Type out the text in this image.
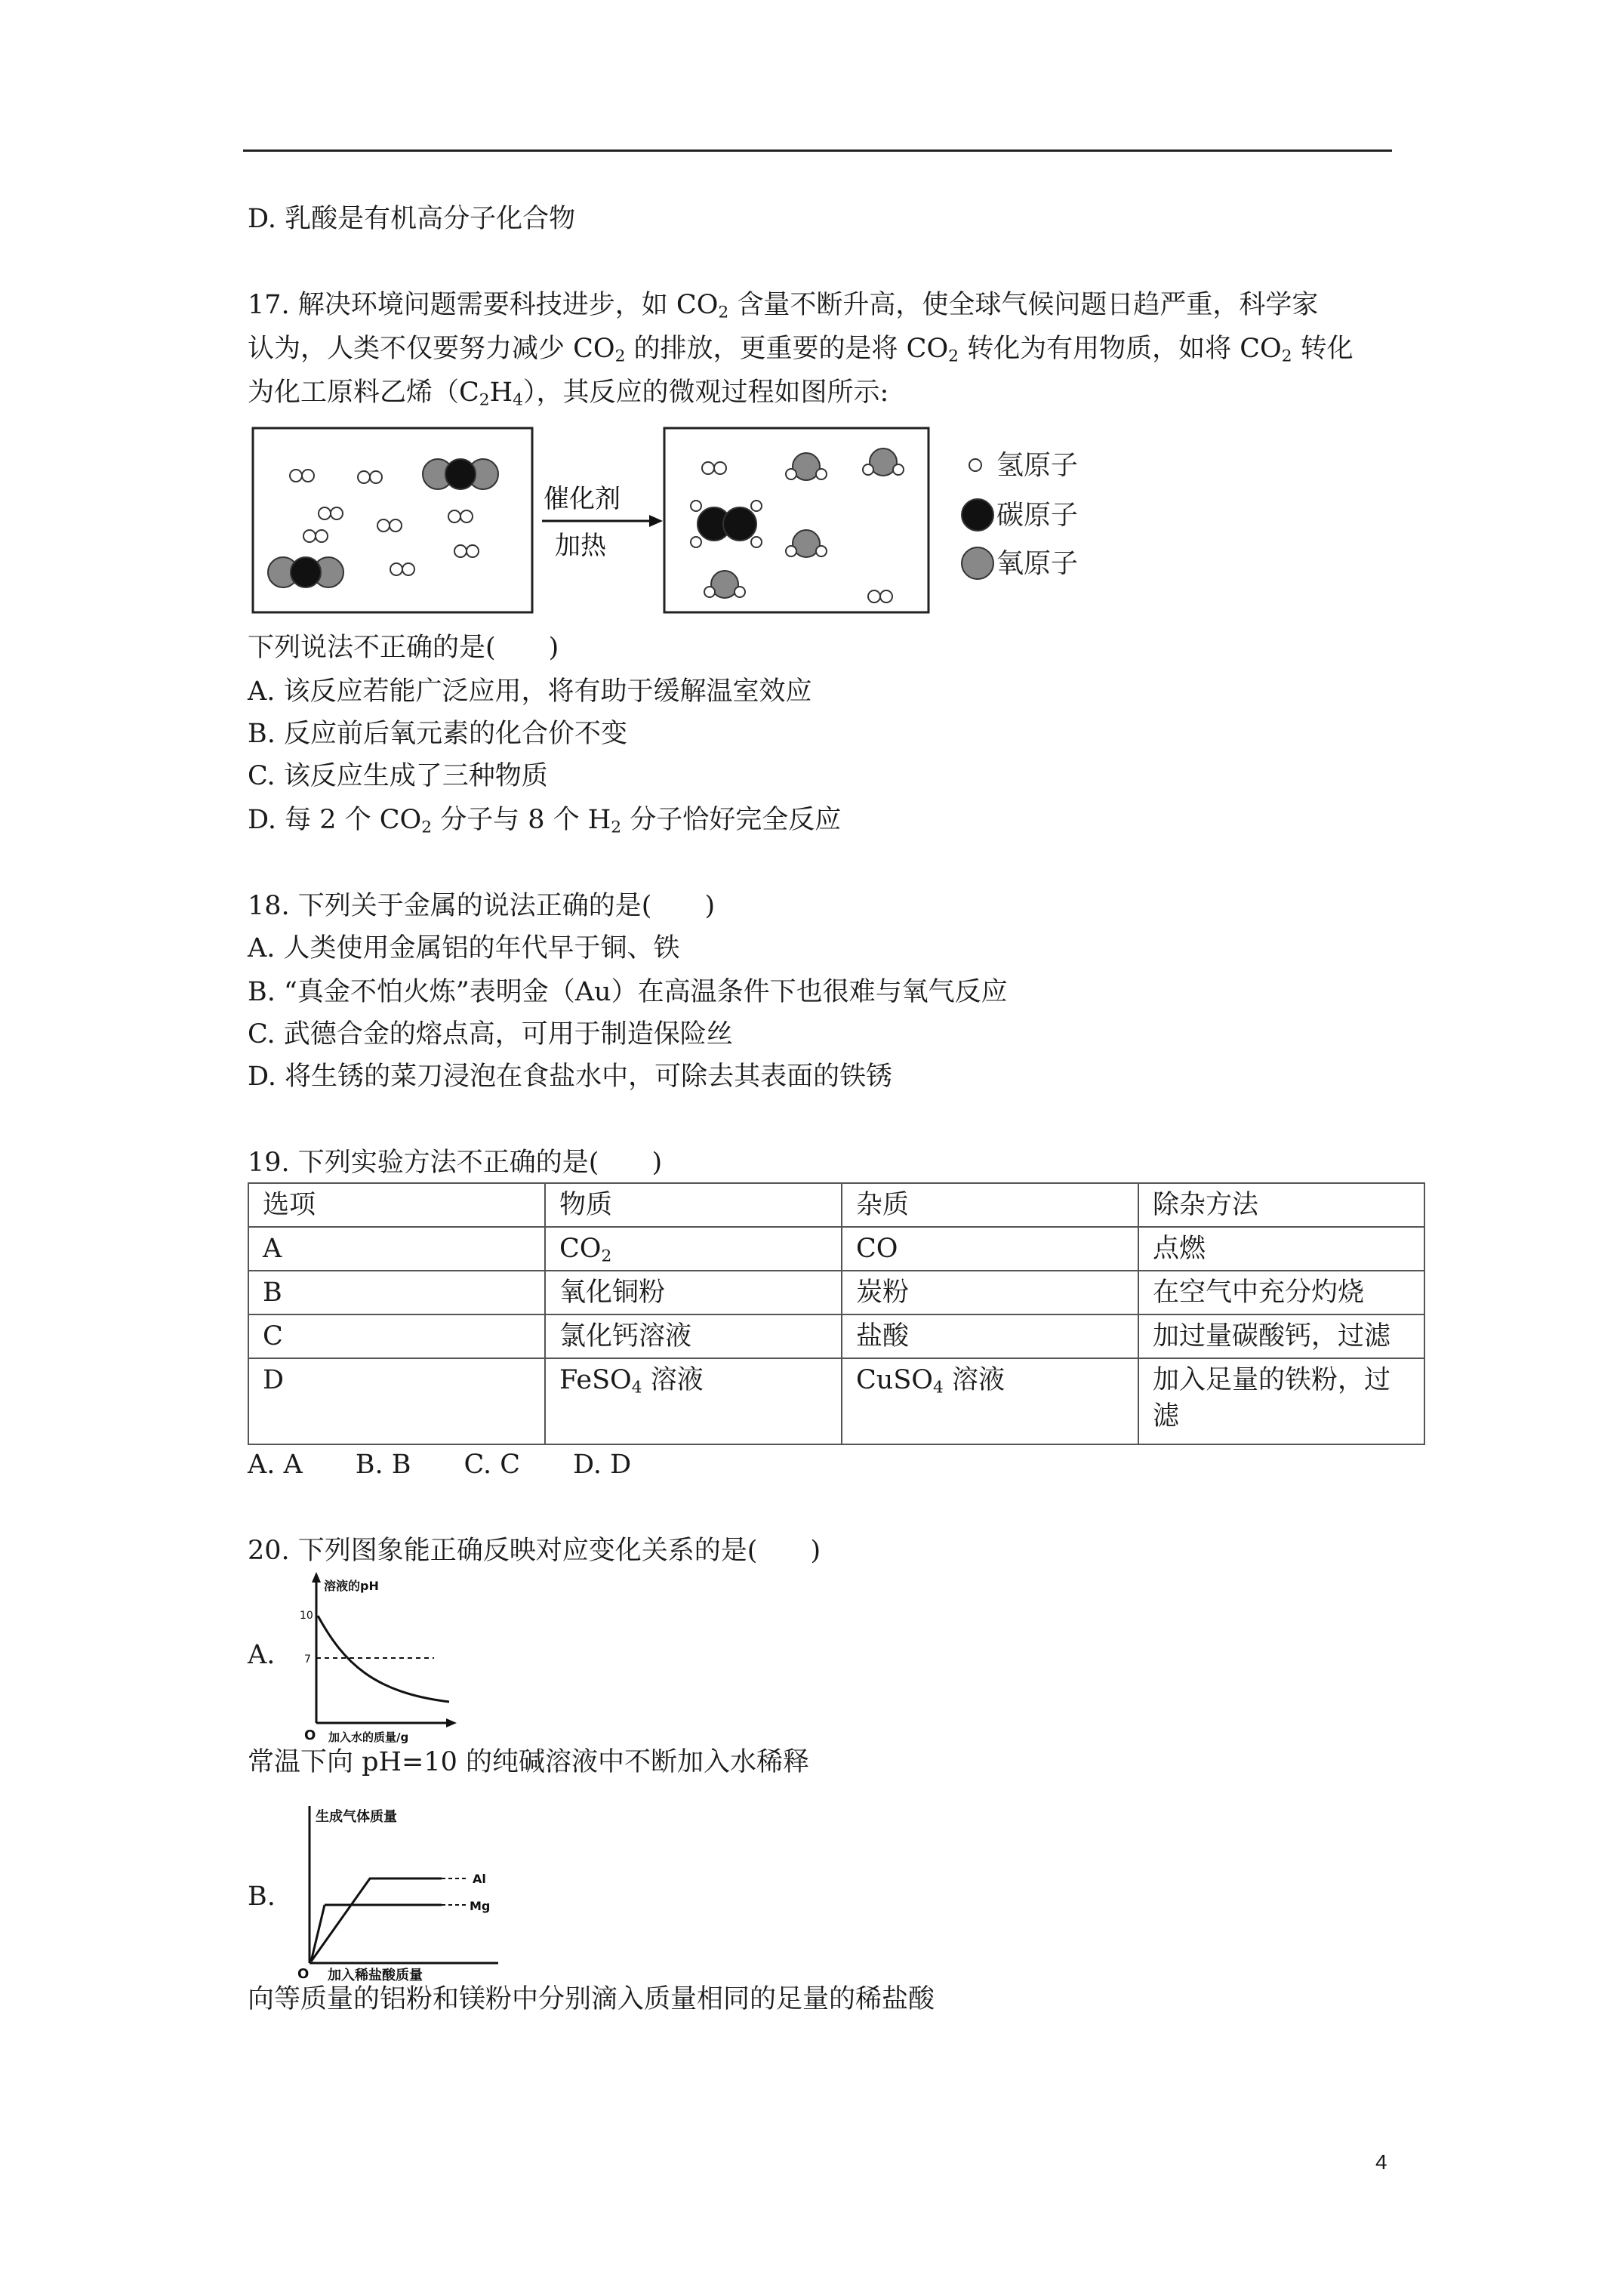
D. 乳酸是有机高分子化合物
17. 解决环境问题需要科技进步，如 $CO_2$ 含量不断升高，使全球气候问题日趋严重，科学家
认为，人类不仅要努力减少 $CO_2$ 的排放，更重要的是将 $CO_2$ 转化为有用物质，如将 $CO_2$ 转化
为化工原料乙烯$(C_2H_4)$，其反应的微观过程如图所示:
催化剂
加热
氢原子
碳原子
氧原子
下列说法不正确的是(　　)
A. 该反应若能广泛应用，将有助于缓解温室效应
B. 反应前后氧元素的化合价不变
C. 该反应生成了三种物质
D. 每 2 个 $CO_2$ 分子与 8 个 $H_2$ 分子恰好完全反应
18. 下列关于金属的说法正确的是(　　)
A. 人类使用金属铝的年代早于铜、铁
B. “真金不怕火炼”表明金（Au）在高温条件下也很难与氧气反应
C. 武德合金的熔点高，可用于制造保险丝
D. 将生锈的菜刀浸泡在食盐水中，可除去其表面的铁锈
19. 下列实验方法不正确的是(　　)
选项	物质	杂质	除杂方法
A	$CO_2$	CO	点燃
B	氧化铜粉	炭粉	在空气中充分灼烧
C	氯化钙溶液	盐酸	加过量碳酸钙，过滤
D	FeSO$_4$ 溶液	CuSO$_4$ 溶液	加入足量的铁粉，过
滤
A. A　　B. B　　C. C　　D. D
20. 下列图象能正确反映对应变化关系的是(　　)
A.
溶液的pH
10
7
O 加入水的质量/g
常温下向 pH=10 的纯碱溶液中不断加入水稀释
B.
生成气体质量
Al
Mg
O 加入稀盐酸质量
向等质量的铝粉和镁粉中分别滴入质量相同的足量的稀盐酸
4
